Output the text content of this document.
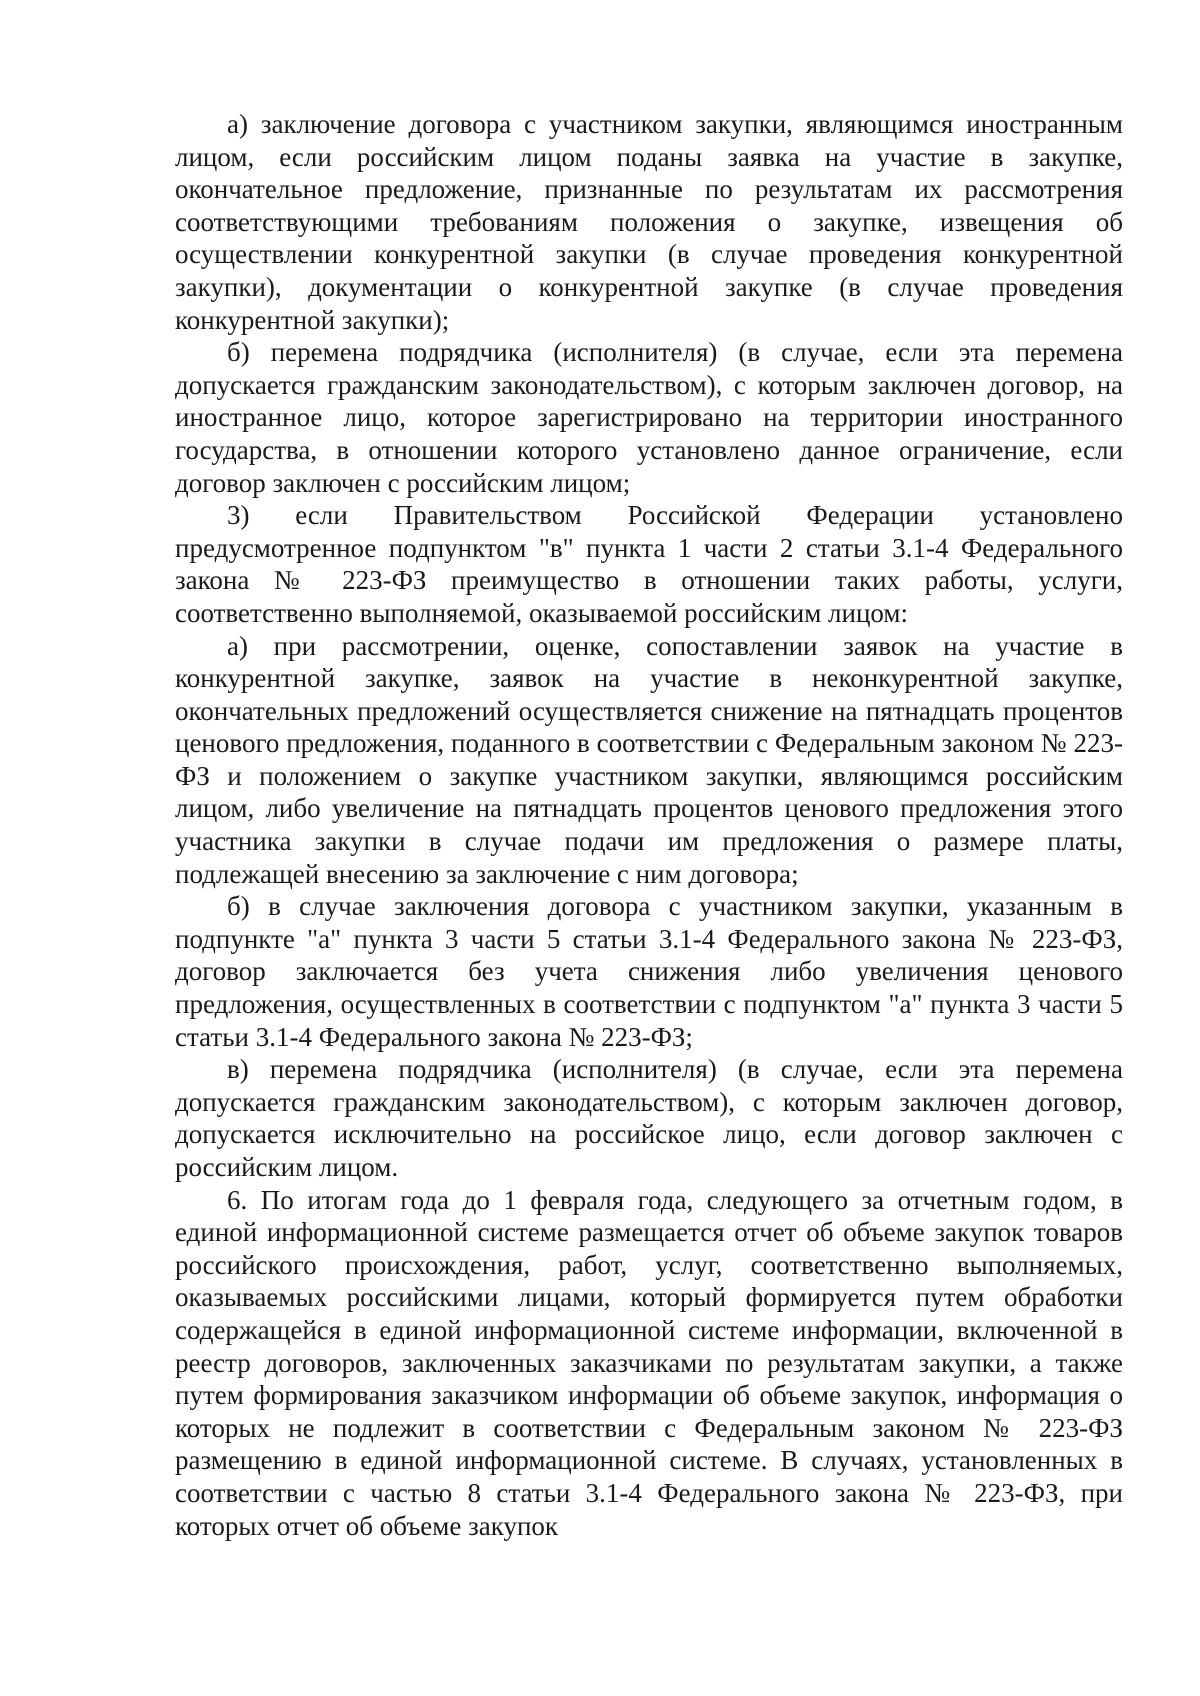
а) заключение договора с участником закупки, являющимся иностранным лицом, если российским лицом поданы заявка на участие в закупке, окончательное предложение, признанные по результатам их рассмотрения соответствующими требованиям положения о закупке, извещения об осуществлении конкурентной закупки (в случае проведения конкурентной закупки), документации о конкурентной закупке (в случае проведения конкурентной закупки);

б) перемена подрядчика (исполнителя) (в случае, если эта перемена допускается гражданским законодательством), с которым заключен договор, на иностранное лицо, которое зарегистрировано на территории иностранного государства, в отношении которого установлено данное ограничение, если договор заключен с российским лицом;

3) если Правительством Российской Федерации установлено предусмотренное подпунктом "в" пункта 1 части 2 статьи 3.1-4 Федерального закона № 223-ФЗ преимущество в отношении таких работы, услуги, соответственно выполняемой, оказываемой российским лицом:

а) при рассмотрении, оценке, сопоставлении заявок на участие в конкурентной закупке, заявок на участие в неконкурентной закупке, окончательных предложений осуществляется снижение на пятнадцать процентов ценового предложения, поданного в соответствии с Федеральным законом № 223-ФЗ и положением о закупке участником закупки, являющимся российским лицом, либо увеличение на пятнадцать процентов ценового предложения этого участника закупки в случае подачи им предложения о размере платы, подлежащей внесению за заключение с ним договора;

б) в случае заключения договора с участником закупки, указанным в подпункте "а" пункта 3 части 5 статьи 3.1-4 Федерального закона № 223-ФЗ, договор заключается без учета снижения либо увеличения ценового предложения, осуществленных в соответствии с подпунктом "а" пункта 3 части 5 статьи 3.1-4 Федерального закона № 223-ФЗ;

в) перемена подрядчика (исполнителя) (в случае, если эта перемена допускается гражданским законодательством), с которым заключен договор, допускается исключительно на российское лицо, если договор заключен с российским лицом.

6. По итогам года до 1 февраля года, следующего за отчетным годом, в единой информационной системе размещается отчет об объеме закупок товаров российского происхождения, работ, услуг, соответственно выполняемых, оказываемых российскими лицами, который формируется путем обработки содержащейся в единой информационной системе информации, включенной в реестр договоров, заключенных заказчиками по результатам закупки, а также путем формирования заказчиком информации об объеме закупок, информация о которых не подлежит в соответствии с Федеральным законом № 223-ФЗ размещению в единой информационной системе. В случаях, установленных в соответствии с частью 8 статьи 3.1-4 Федерального закона № 223-ФЗ, при которых отчет об объеме закупок
